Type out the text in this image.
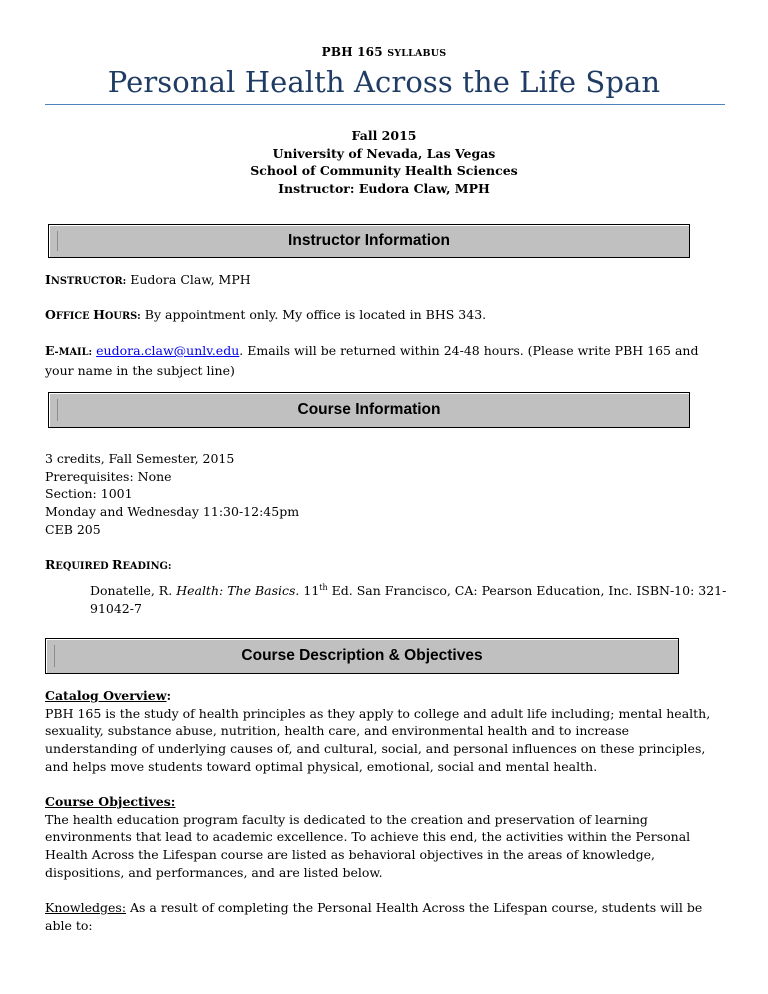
PBH 165 SYLLABUS
Personal Health Across the Life Span
Fall 2015
University of Nevada, Las Vegas
School of Community Health Sciences
Instructor: Eudora Claw, MPH
Instructor Information
INSTRUCTOR: Eudora Claw, MPH
OFFICE HOURS: By appointment only. My office is located in BHS 343.
E-MAIL: eudora.claw@unlv.edu. Emails will be returned within 24-48 hours. (Please write PBH 165 and
your name in the subject line)
Course Information
3 credits, Fall Semester, 2015
Prerequisites: None
Section: 1001
Monday and Wednesday 11:30-12:45pm
CEB 205
REQUIRED READING:
Donatelle, R. Health: The Basics. 11th Ed. San Francisco, CA: Pearson Education, Inc. ISBN-10: 321-
91042-7
Course Description & Objectives
Catalog Overview:
PBH 165 is the study of health principles as they apply to college and adult life including; mental health,
sexuality, substance abuse, nutrition, health care, and environmental health and to increase
understanding of underlying causes of, and cultural, social, and personal influences on these principles,
and helps move students toward optimal physical, emotional, social and mental health.
Course Objectives:
The health education program faculty is dedicated to the creation and preservation of learning
environments that lead to academic excellence. To achieve this end, the activities within the Personal
Health Across the Lifespan course are listed as behavioral objectives in the areas of knowledge,
dispositions, and performances, and are listed below.
Knowledges: As a result of completing the Personal Health Across the Lifespan course, students will be
able to:
